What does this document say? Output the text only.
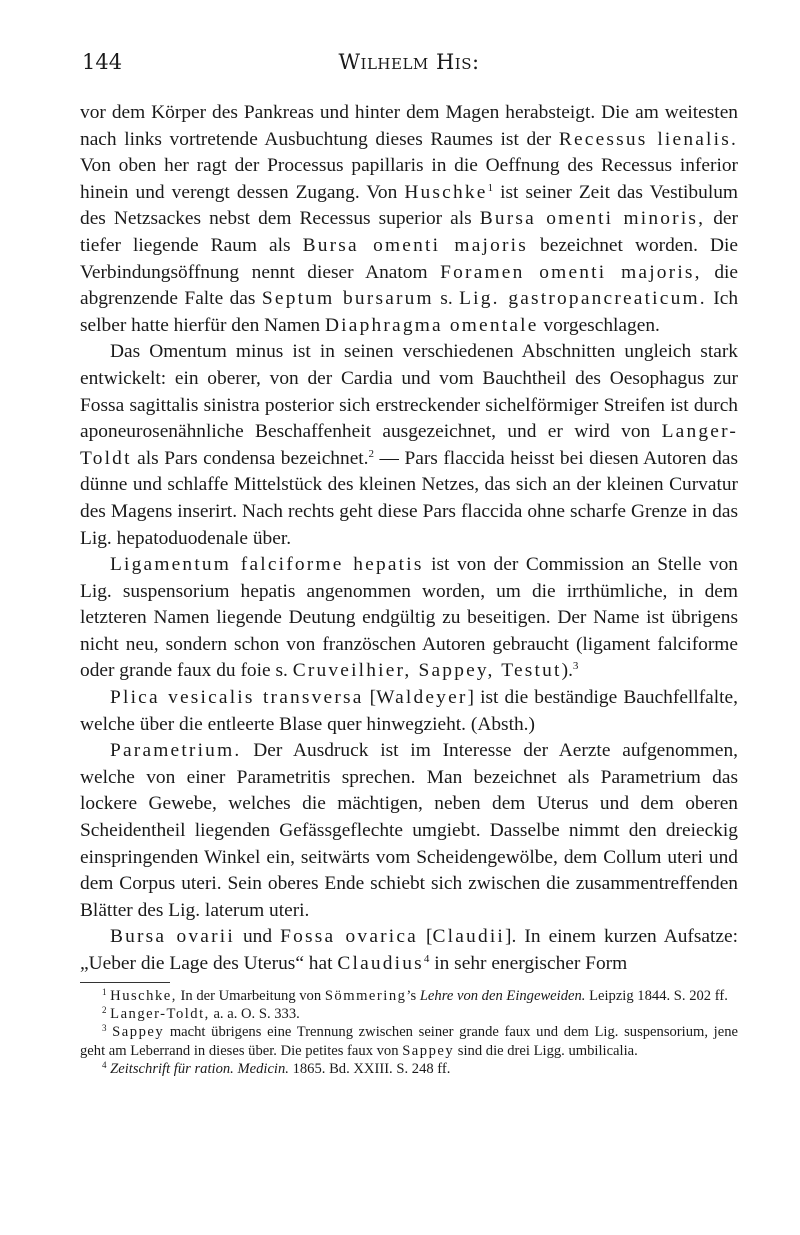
144	Wilhelm His:

vor dem Körper des Pankreas und hinter dem Magen herabsteigt. Die am weitesten nach links vortretende Ausbuchtung dieses Raumes ist der Recessus lienalis. Von oben her ragt der Processus papillaris in die Oeffnung des Recessus inferior hinein und verengt dessen Zugang. Von Huschke$^1$ ist seiner Zeit das Vestibulum des Netzsackes nebst dem Recessus superior als Bursa omenti minoris, der tiefer liegende Raum als Bursa omenti majoris bezeichnet worden. Die Verbindungsöffnung nennt dieser Anatom Foramen omenti majoris, die abgrenzende Falte das Septum bursarum s. Lig. gastropancreaticum. Ich selber hatte hierfür den Namen Diaphragma omentale vorgeschlagen.

Das Omentum minus ist in seinen verschiedenen Abschnitten ungleich stark entwickelt: ein oberer, von der Cardia und vom Bauchtheil des Oesophagus zur Fossa sagittalis sinistra posterior sich erstreckender sichelförmiger Streifen ist durch aponeurosenähnliche Beschaffenheit ausgezeichnet, und er wird von Langer-Toldt als Pars condensa bezeichnet.$^2$ — Pars flaccida heisst bei diesen Autoren das dünne und schlaffe Mittelstück des kleinen Netzes, das sich an der kleinen Curvatur des Magens inserirt. Nach rechts geht diese Pars flaccida ohne scharfe Grenze in das Lig. hepatoduodenale über.

Ligamentum falciforme hepatis ist von der Commission an Stelle von Lig. suspensorium hepatis angenommen worden, um die irrthümliche, in dem letzteren Namen liegende Deutung endgültig zu beseitigen. Der Name ist übrigens nicht neu, sondern schon von französchen Autoren gebraucht (ligament falciforme oder grande faux du foie s. Cruveilhier, Sappey, Testut).$^3$

Plica vesicalis transversa [Waldeyer] ist die beständige Bauchfellfalte, welche über die entleerte Blase quer hinwegzieht. (Absth.)

Parametrium. Der Ausdruck ist im Interesse der Aerzte aufgenommen, welche von einer Parametritis sprechen. Man bezeichnet als Parametrium das lockere Gewebe, welches die mächtigen, neben dem Uterus und dem oberen Scheidentheil liegenden Gefässgeflechte umgiebt. Dasselbe nimmt den dreieckig einspringenden Winkel ein, seitwärts vom Scheidengewölbe, dem Collum uteri und dem Corpus uteri. Sein oberes Ende schiebt sich zwischen die zusammentreffenden Blätter des Lig. laterum uteri.

Bursa ovarii und Fossa ovarica [Claudii]. In einem kurzen Aufsatze: „Ueber die Lage des Uterus“ hat Claudius$^4$ in sehr energischer Form

$^1$ Huschke, In der Umarbeitung von Sömmering’s Lehre von den Eingeweiden. Leipzig 1844. S. 202 ff.

$^2$ Langer-Toldt, a. a. O. S. 333.

$^3$ Sappey macht übrigens eine Trennung zwischen seiner grande faux und dem Lig. suspensorium, jene geht am Leberrand in dieses über. Die petites faux von Sappey sind die drei Ligg. umbilicalia.

$^4$ Zeitschrift für ration. Medicin. 1865. Bd. XXIII. S. 248 ff.
